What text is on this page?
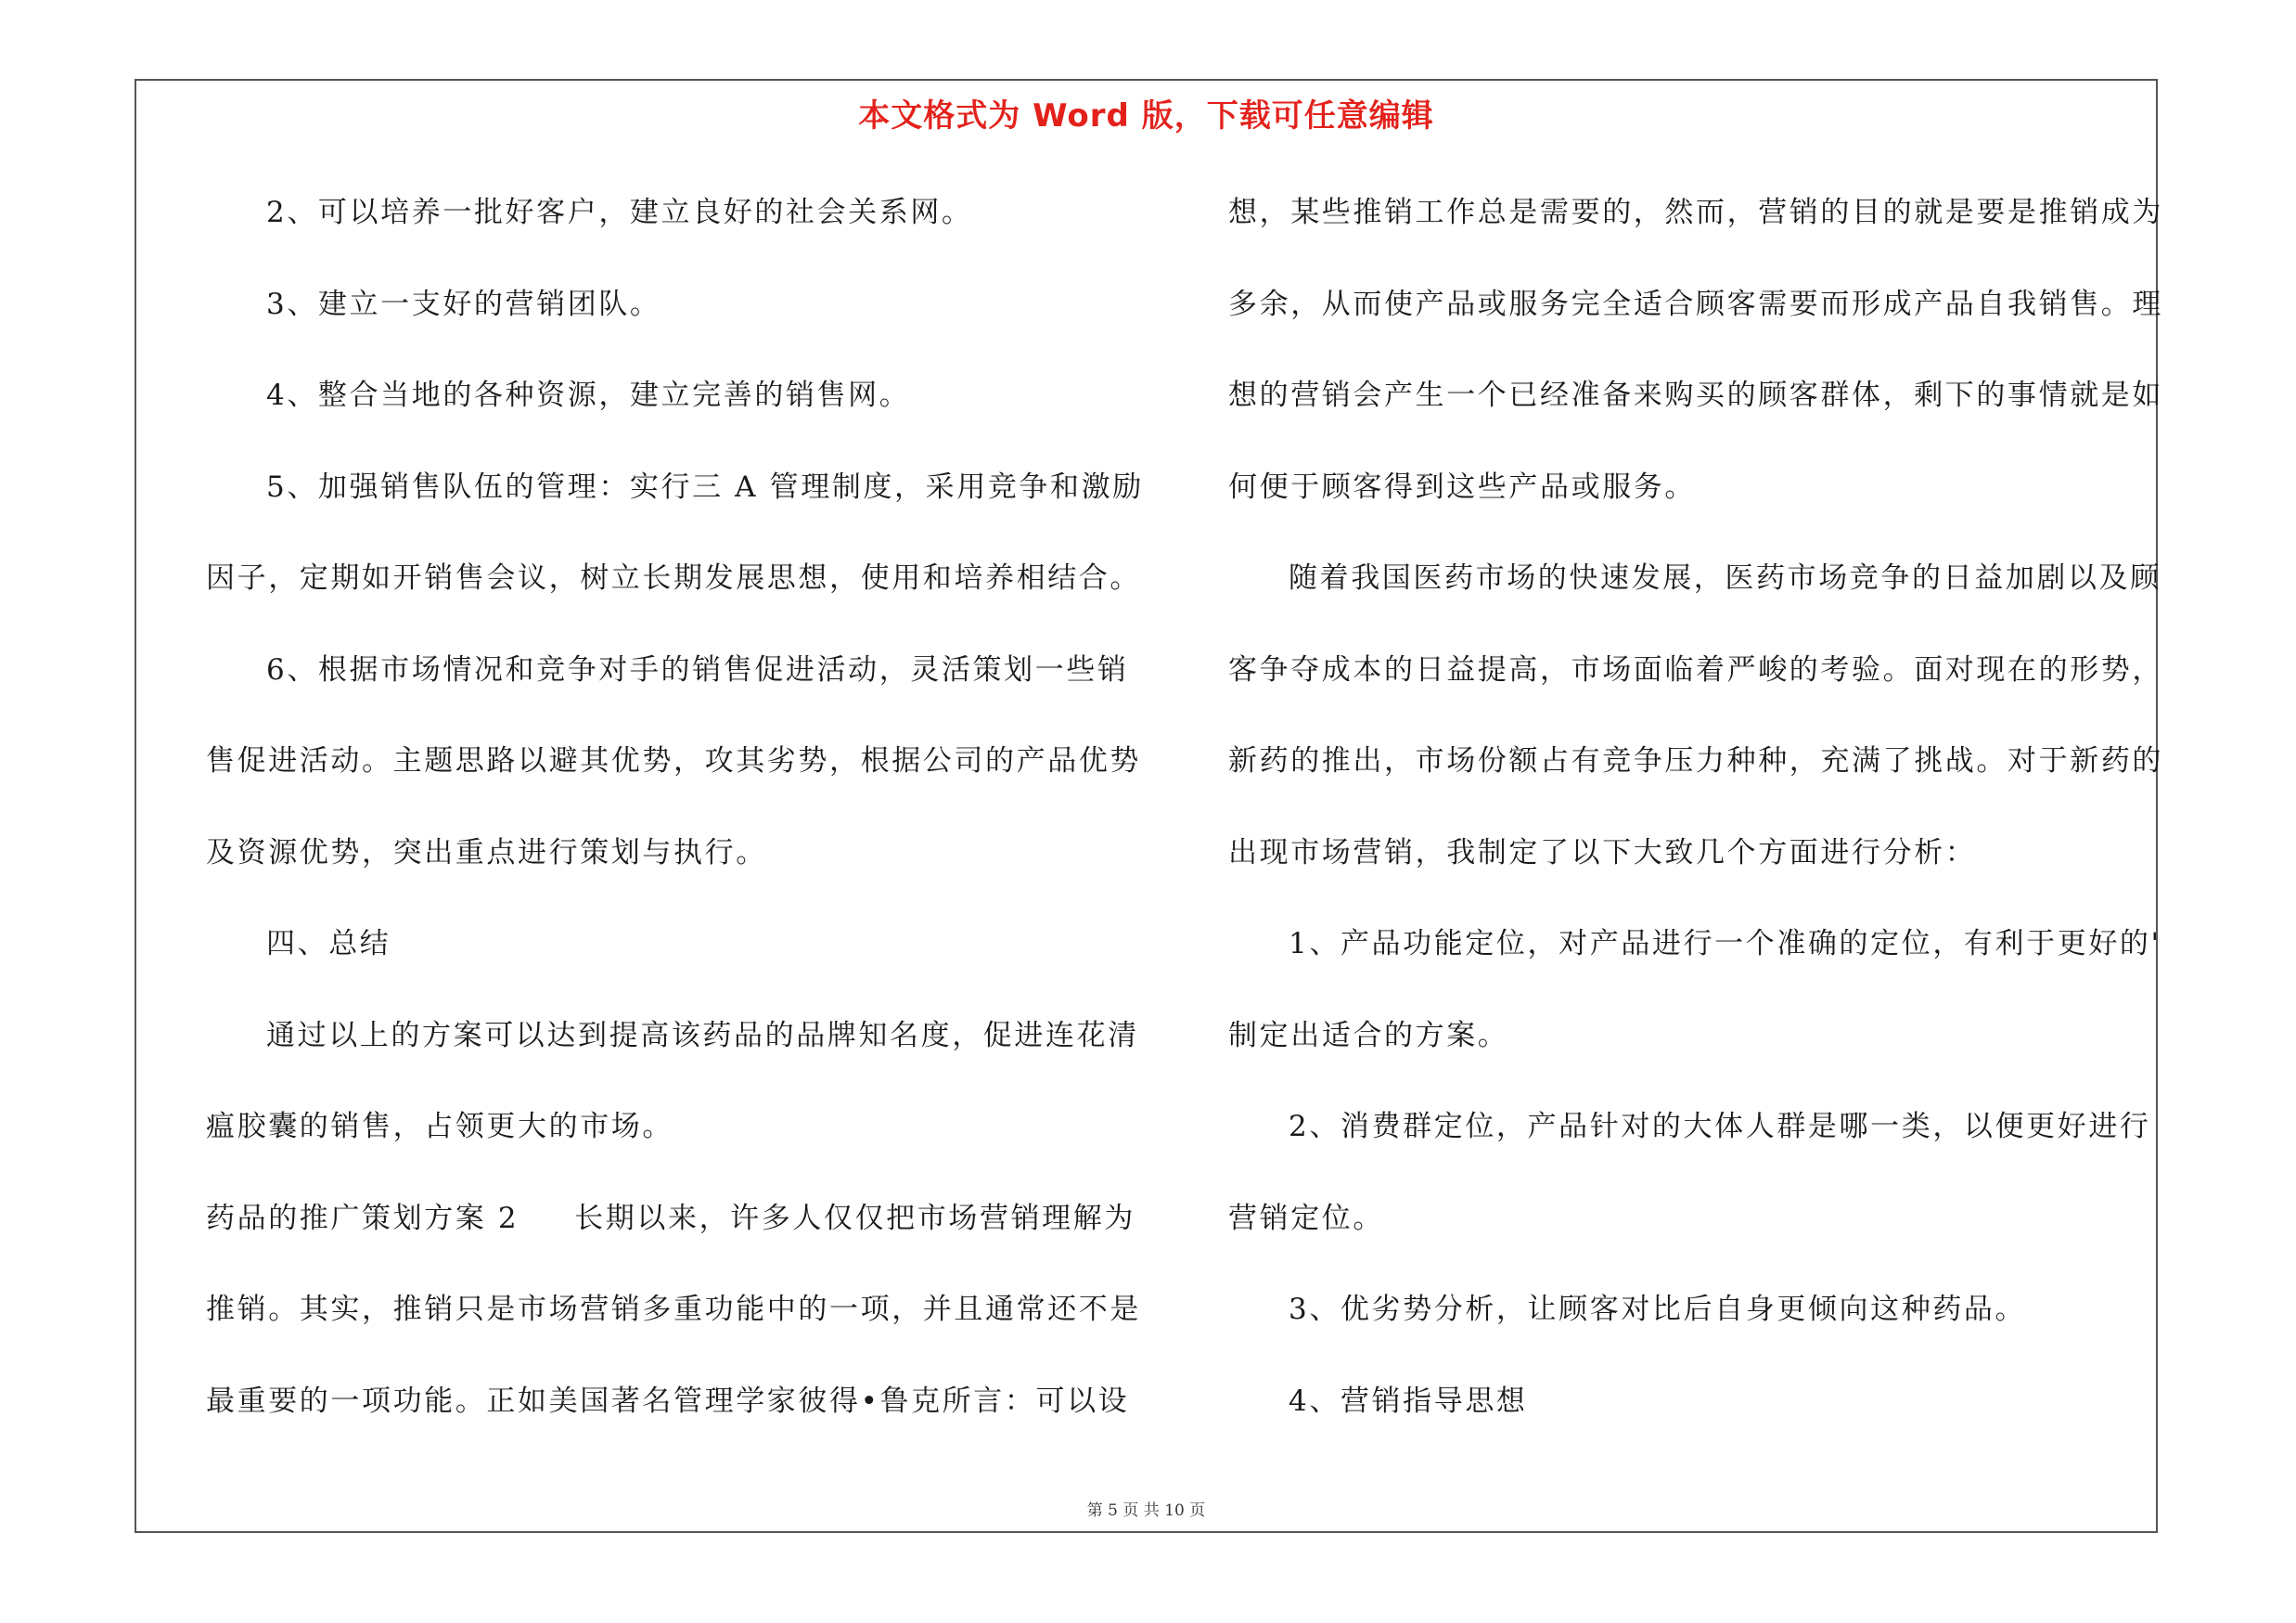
本文格式为 Word 版，下载可任意编辑
2、可以培养一批好客户，建立良好的社会关系网。
3、建立一支好的营销团队。
4、整合当地的各种资源，建立完善的销售网。
5、加强销售队伍的管理：实行三 A 管理制度，采用竞争和激励
因子，定期如开销售会议，树立长期发展思想，使用和培养相结合。
6、根据市场情况和竞争对手的销售促进活动，灵活策划一些销
售促进活动。主题思路以避其优势，攻其劣势，根据公司的产品优势
及资源优势，突出重点进行策划与执行。
四、总结
通过以上的方案可以达到提高该药品的品牌知名度，促进连花清
瘟胶囊的销售，占领更大的市场。
药品的推广策划方案 2 长期以来，许多人仅仅把市场营销理解为
推销。其实，推销只是市场营销多重功能中的一项，并且通常还不是
最重要的一项功能。正如美国著名管理学家彼得•鲁克所言：可以设
想，某些推销工作总是需要的，然而，营销的目的就是要是推销成为
多余，从而使产品或服务完全适合顾客需要而形成产品自我销售。理
想的营销会产生一个已经准备来购买的顾客群体，剩下的事情就是如
何便于顾客得到这些产品或服务。
随着我国医药市场的快速发展，医药市场竞争的日益加剧以及顾
客争夺成本的日益提高，市场面临着严峻的考验。面对现在的形势，
新药的推出，市场份额占有竞争压力种种，充满了挑战。对于新药的
出现市场营销，我制定了以下大致几个方面进行分析：
1、产品功能定位，对产品进行一个准确的定位，有利于更好的'
制定出适合的方案。
2、消费群定位，产品针对的大体人群是哪一类，以便更好进行
营销定位。
3、优劣势分析，让顾客对比后自身更倾向这种药品。
4、营销指导思想
第 5 页 共 10 页
